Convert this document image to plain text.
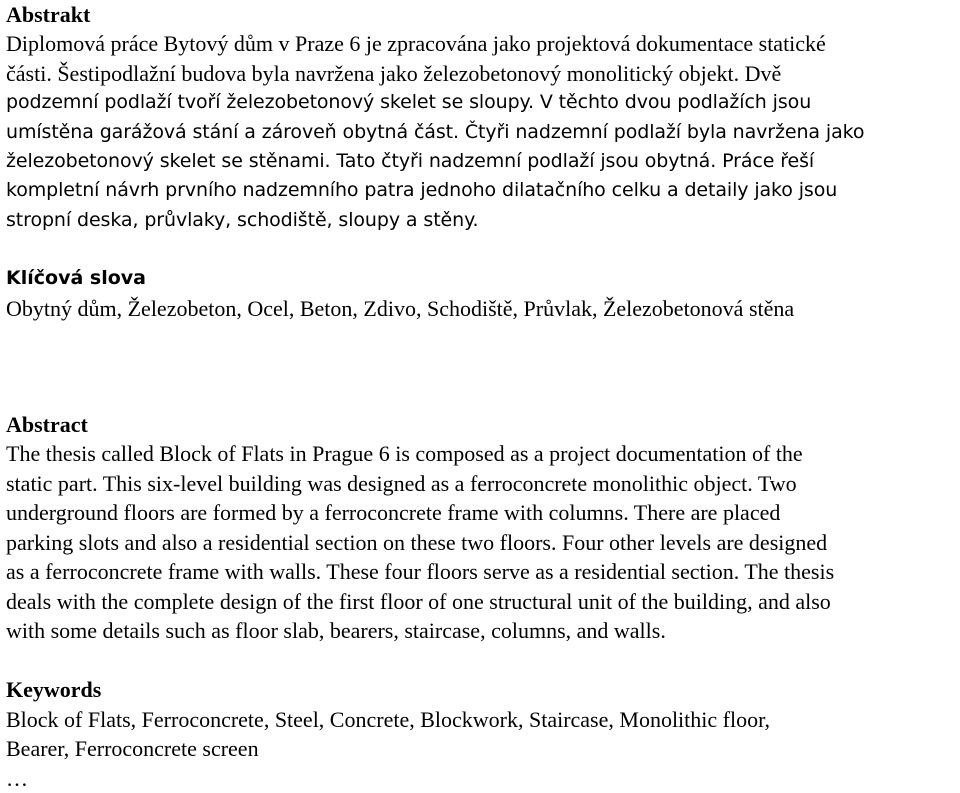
Abstrakt

Diplomová práce Bytový dům v Praze 6 je zpracována jako projektová dokumentace statické

části. Šestipodlažní budova byla navržena jako železobetonový monolitický objekt. Dvě

podzemní podlaží tvoří železobetonový skelet se sloupy. V těchto dvou podlažích jsou

umístěna garážová stání a zároveň obytná část. Čtyři nadzemní podlaží byla navržena jako

železobetonový skelet se stěnami. Tato čtyři nadzemní podlaží jsou obytná. Práce řeší

kompletní návrh prvního nadzemního patra jednoho dilatačního celku a detaily jako jsou

stropní deska, průvlaky, schodiště, sloupy a stěny.

Klíčová slova

Obytný dům, Železobeton, Ocel, Beton, Zdivo, Schodiště, Průvlak, Železobetonová stěna

Abstract

The thesis called Block of Flats in Prague 6 is composed as a project documentation of the

static part. This six-level building was designed as a ferroconcrete monolithic object. Two

underground floors are formed by a ferroconcrete frame with columns. There are placed

parking slots and also a residential section on these two floors. Four other levels are designed

as a ferroconcrete frame with walls. These four floors serve as a residential section. The thesis

deals with the complete design of the first floor of one structural unit of the building, and also

with some details such as floor slab, bearers, staircase, columns, and walls.

Keywords

Block of Flats, Ferroconcrete, Steel, Concrete, Blockwork, Staircase, Monolithic floor,

Bearer, Ferroconcrete screen

…
